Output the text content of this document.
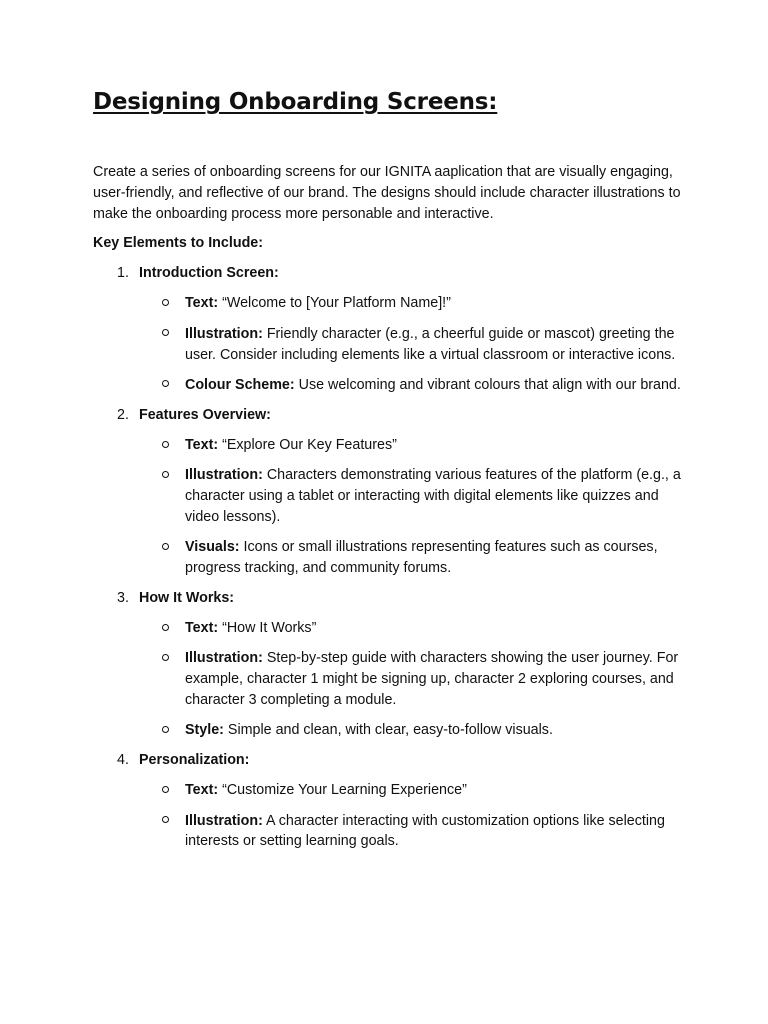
Designing Onboarding Screens:

Create a series of onboarding screens for our IGNITA aaplication that are visually engaging, user-friendly, and reflective of our brand. The designs should include character illustrations to make the onboarding process more personable and interactive.

Key Elements to Include:

1. Introduction Screen:
Text: “Welcome to [Your Platform Name]!”
Illustration: Friendly character (e.g., a cheerful guide or mascot) greeting the user. Consider including elements like a virtual classroom or interactive icons.
Colour Scheme: Use welcoming and vibrant colours that align with our brand.
2. Features Overview:
Text: “Explore Our Key Features”
Illustration: Characters demonstrating various features of the platform (e.g., a character using a tablet or interacting with digital elements like quizzes and video lessons).
Visuals: Icons or small illustrations representing features such as courses, progress tracking, and community forums.
3. How It Works:
Text: “How It Works”
Illustration: Step-by-step guide with characters showing the user journey. For example, character 1 might be signing up, character 2 exploring courses, and character 3 completing a module.
Style: Simple and clean, with clear, easy-to-follow visuals.
4. Personalization:
Text: “Customize Your Learning Experience”
Illustration: A character interacting with customization options like selecting interests or setting learning goals.
